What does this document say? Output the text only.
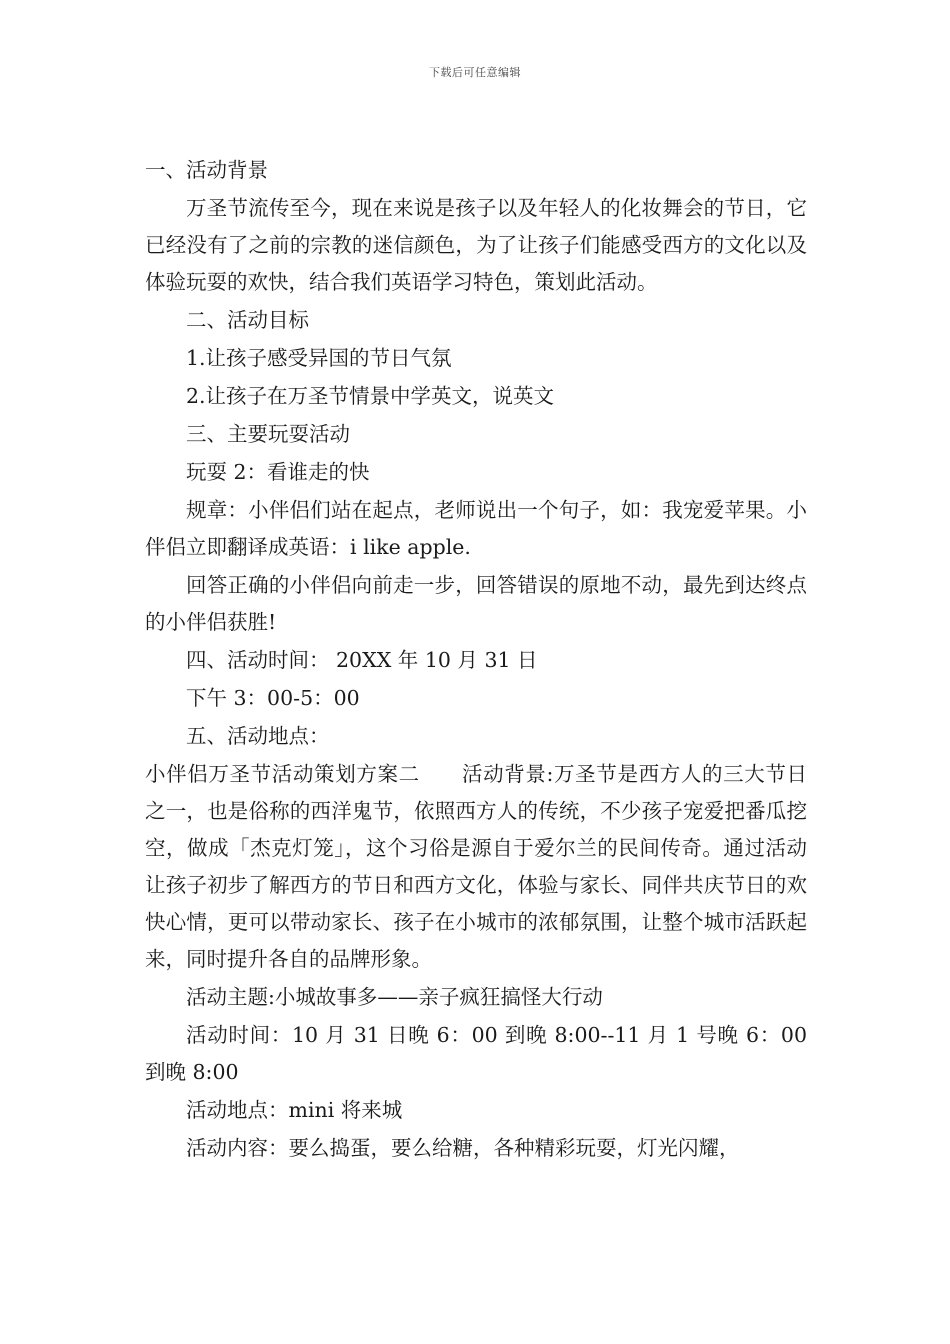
下载后可任意编辑

一、活动背景

万圣节流传至今，现在来说是孩子以及年轻人的化妆舞会的节日，它已经没有了之前的宗教的迷信颜色，为了让孩子们能感受西方的文化以及体验玩耍的欢快，结合我们英语学习特色，策划此活动。

二、活动目标

1.让孩子感受异国的节日气氛

2.让孩子在万圣节情景中学英文，说英文

三、主要玩耍活动

玩耍 2：看谁走的快

规章：小伴侣们站在起点，老师说出一个句子，如：我宠爱苹果。小伴侣立即翻译成英语：i like apple.

回答正确的小伴侣向前走一步，回答错误的原地不动，最先到达终点的小伴侣获胜!

四、活动时间： 20XX 年 10 月 31 日

下午 3：00-5：00

五、活动地点：

小伴侣万圣节活动策划方案二　　活动背景:万圣节是西方人的三大节日之一，也是俗称的西洋鬼节，依照西方人的传统，不少孩子宠爱把番瓜挖空，做成「杰克灯笼」，这个习俗是源自于爱尔兰的民间传奇。通过活动让孩子初步了解西方的节日和西方文化，体验与家长、同伴共庆节日的欢快心情，更可以带动家长、孩子在小城市的浓郁氛围，让整个城市活跃起来，同时提升各自的品牌形象。

活动主题:小城故事多——亲子疯狂搞怪大行动

活动时间：10 月 31 日晚 6：00 到晚 8:00--11 月 1 号晚 6：00 到晚 8:00

活动地点：mini 将来城

活动内容：要么捣蛋，要么给糖，各种精彩玩耍，灯光闪耀，
